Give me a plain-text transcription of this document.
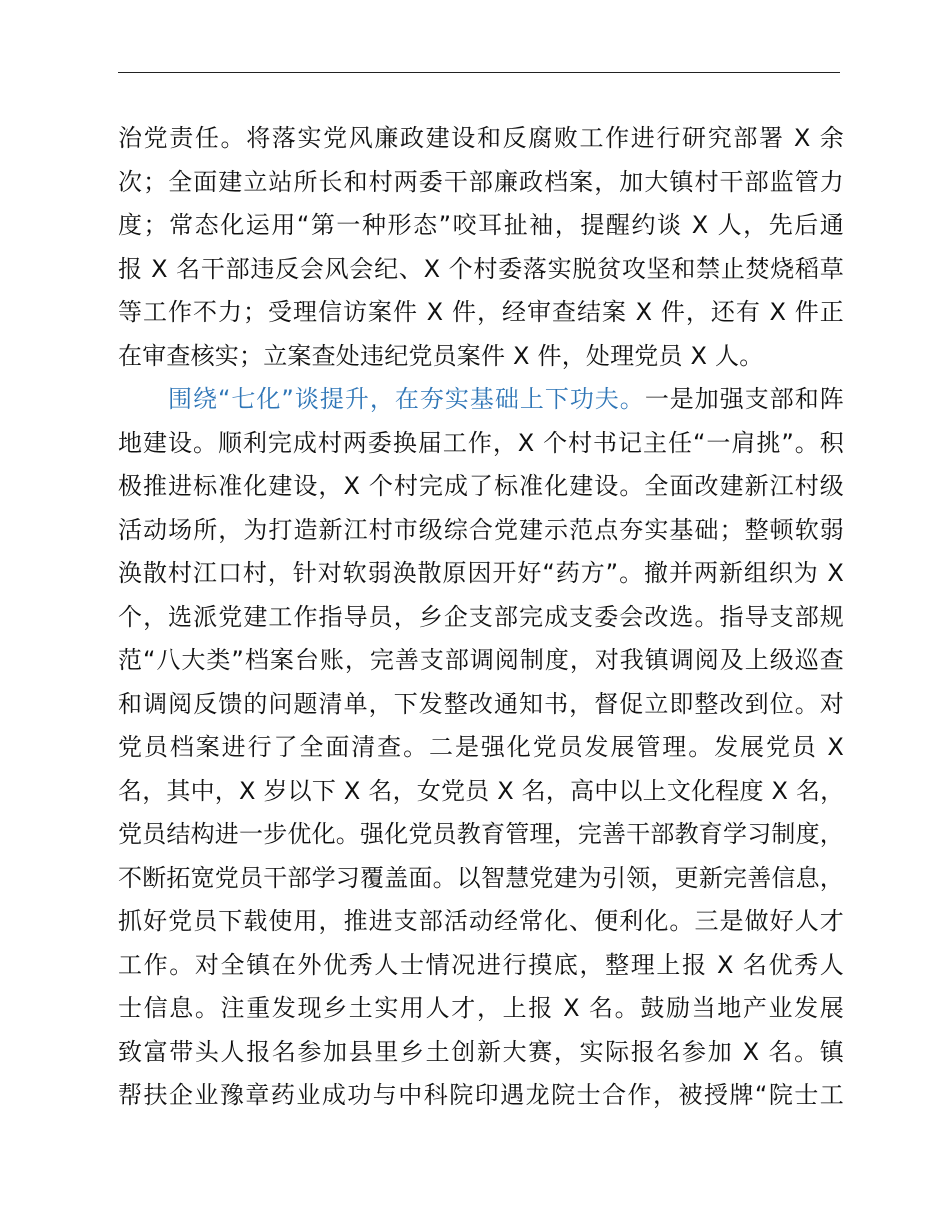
治党责任。将落实党风廉政建设和反腐败工作进行研究部署 X 余
次；全面建立站所长和村两委干部廉政档案，加大镇村干部监管力
度；常态化运用“第一种形态”咬耳扯袖，提醒约谈 X 人，先后通
报 X 名干部违反会风会纪、X 个村委落实脱贫攻坚和禁止焚烧稻草
等工作不力；受理信访案件 X 件，经审查结案 X 件，还有 X 件正
在审查核实；立案查处违纪党员案件 X 件，处理党员 X 人。
围绕“七化”谈提升，在夯实基础上下功夫。一是加强支部和阵
地建设。顺利完成村两委换届工作，X 个村书记主任“一肩挑”。积
极推进标准化建设，X 个村完成了标准化建设。全面改建新江村级
活动场所，为打造新江村市级综合党建示范点夯实基础；整顿软弱
涣散村江口村，针对软弱涣散原因开好“药方”。撤并两新组织为 X
个，选派党建工作指导员，乡企支部完成支委会改选。指导支部规
范“八大类”档案台账，完善支部调阅制度，对我镇调阅及上级巡查
和调阅反馈的问题清单，下发整改通知书，督促立即整改到位。对
党员档案进行了全面清查。二是强化党员发展管理。发展党员 X
名，其中，X 岁以下 X 名，女党员 X 名，高中以上文化程度 X 名，
党员结构进一步优化。强化党员教育管理，完善干部教育学习制度，
不断拓宽党员干部学习覆盖面。以智慧党建为引领，更新完善信息，
抓好党员下载使用，推进支部活动经常化、便利化。三是做好人才
工作。对全镇在外优秀人士情况进行摸底，整理上报 X 名优秀人
士信息。注重发现乡土实用人才，上报 X 名。鼓励当地产业发展
致富带头人报名参加县里乡土创新大赛，实际报名参加 X 名。镇
帮扶企业豫章药业成功与中科院印遇龙院士合作，被授牌“院士工
